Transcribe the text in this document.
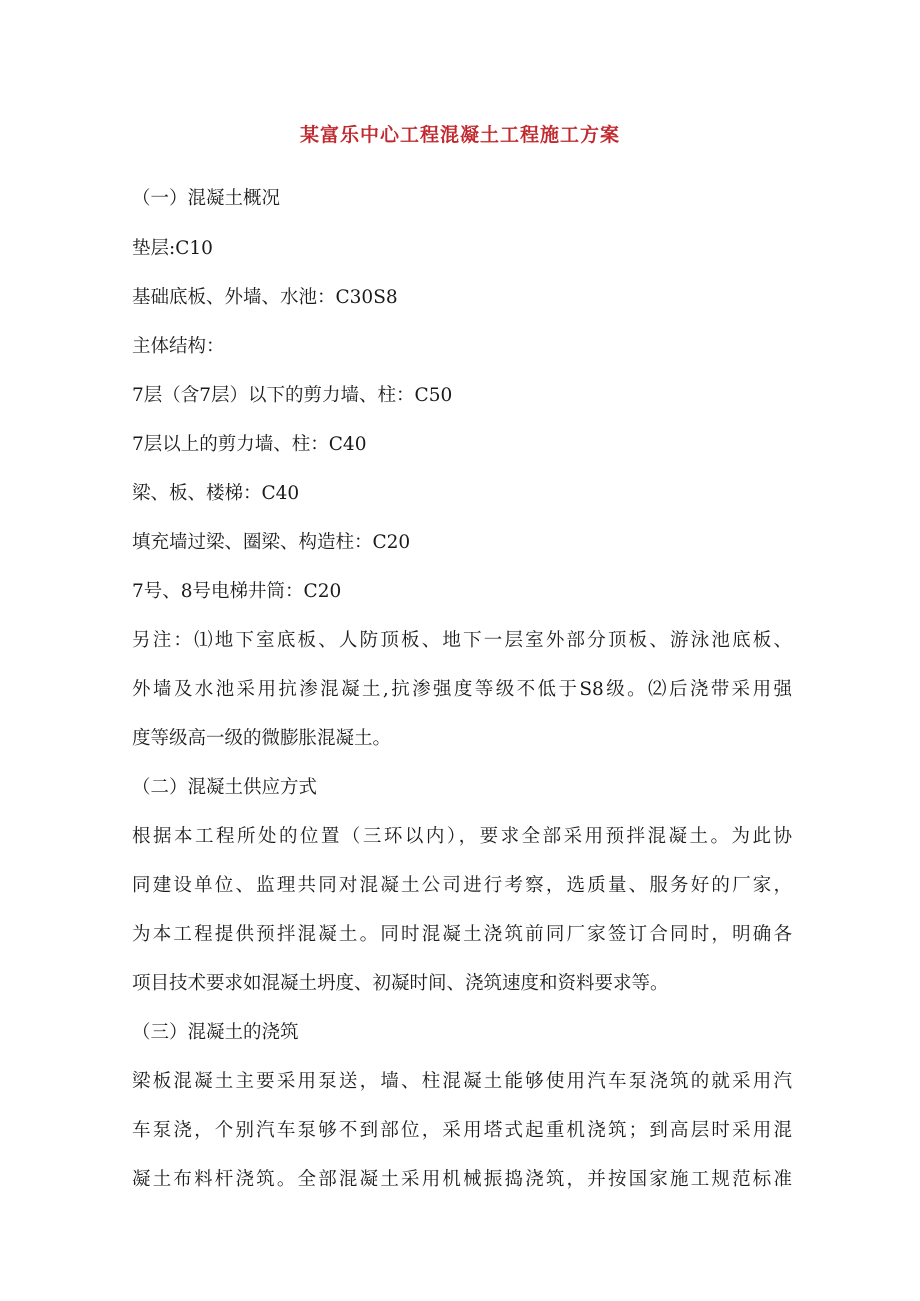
某富乐中心工程混凝土工程施工方案
（一）混凝土概况
垫层:C10
基础底板、外墙、水池：C30S8
主体结构：
7层（含7层）以下的剪力墙、柱：C50
7层以上的剪力墙、柱：C40
梁、板、楼梯：C40
填充墙过梁、圈梁、构造柱：C20
7号、8号电梯井筒：C20
另注：⑴地下室底板、人防顶板、地下一层室外部分顶板、游泳池底板、
外墙及水池采用抗渗混凝土,抗渗强度等级不低于S8级。⑵后浇带采用强
度等级高一级的微膨胀混凝土。
（二）混凝土供应方式
根据本工程所处的位置（三环以内），要求全部采用预拌混凝土。为此协
同建设单位、监理共同对混凝土公司进行考察，选质量、服务好的厂家，
为本工程提供预拌混凝土。同时混凝土浇筑前同厂家签订合同时，明确各
项目技术要求如混凝土坍度、初凝时间、浇筑速度和资料要求等。
（三）混凝土的浇筑
梁板混凝土主要采用泵送，墙、柱混凝土能够使用汽车泵浇筑的就采用汽
车泵浇，个别汽车泵够不到部位，采用塔式起重机浇筑；到高层时采用混
凝土布料杆浇筑。全部混凝土采用机械振捣浇筑，并按国家施工规范标准
